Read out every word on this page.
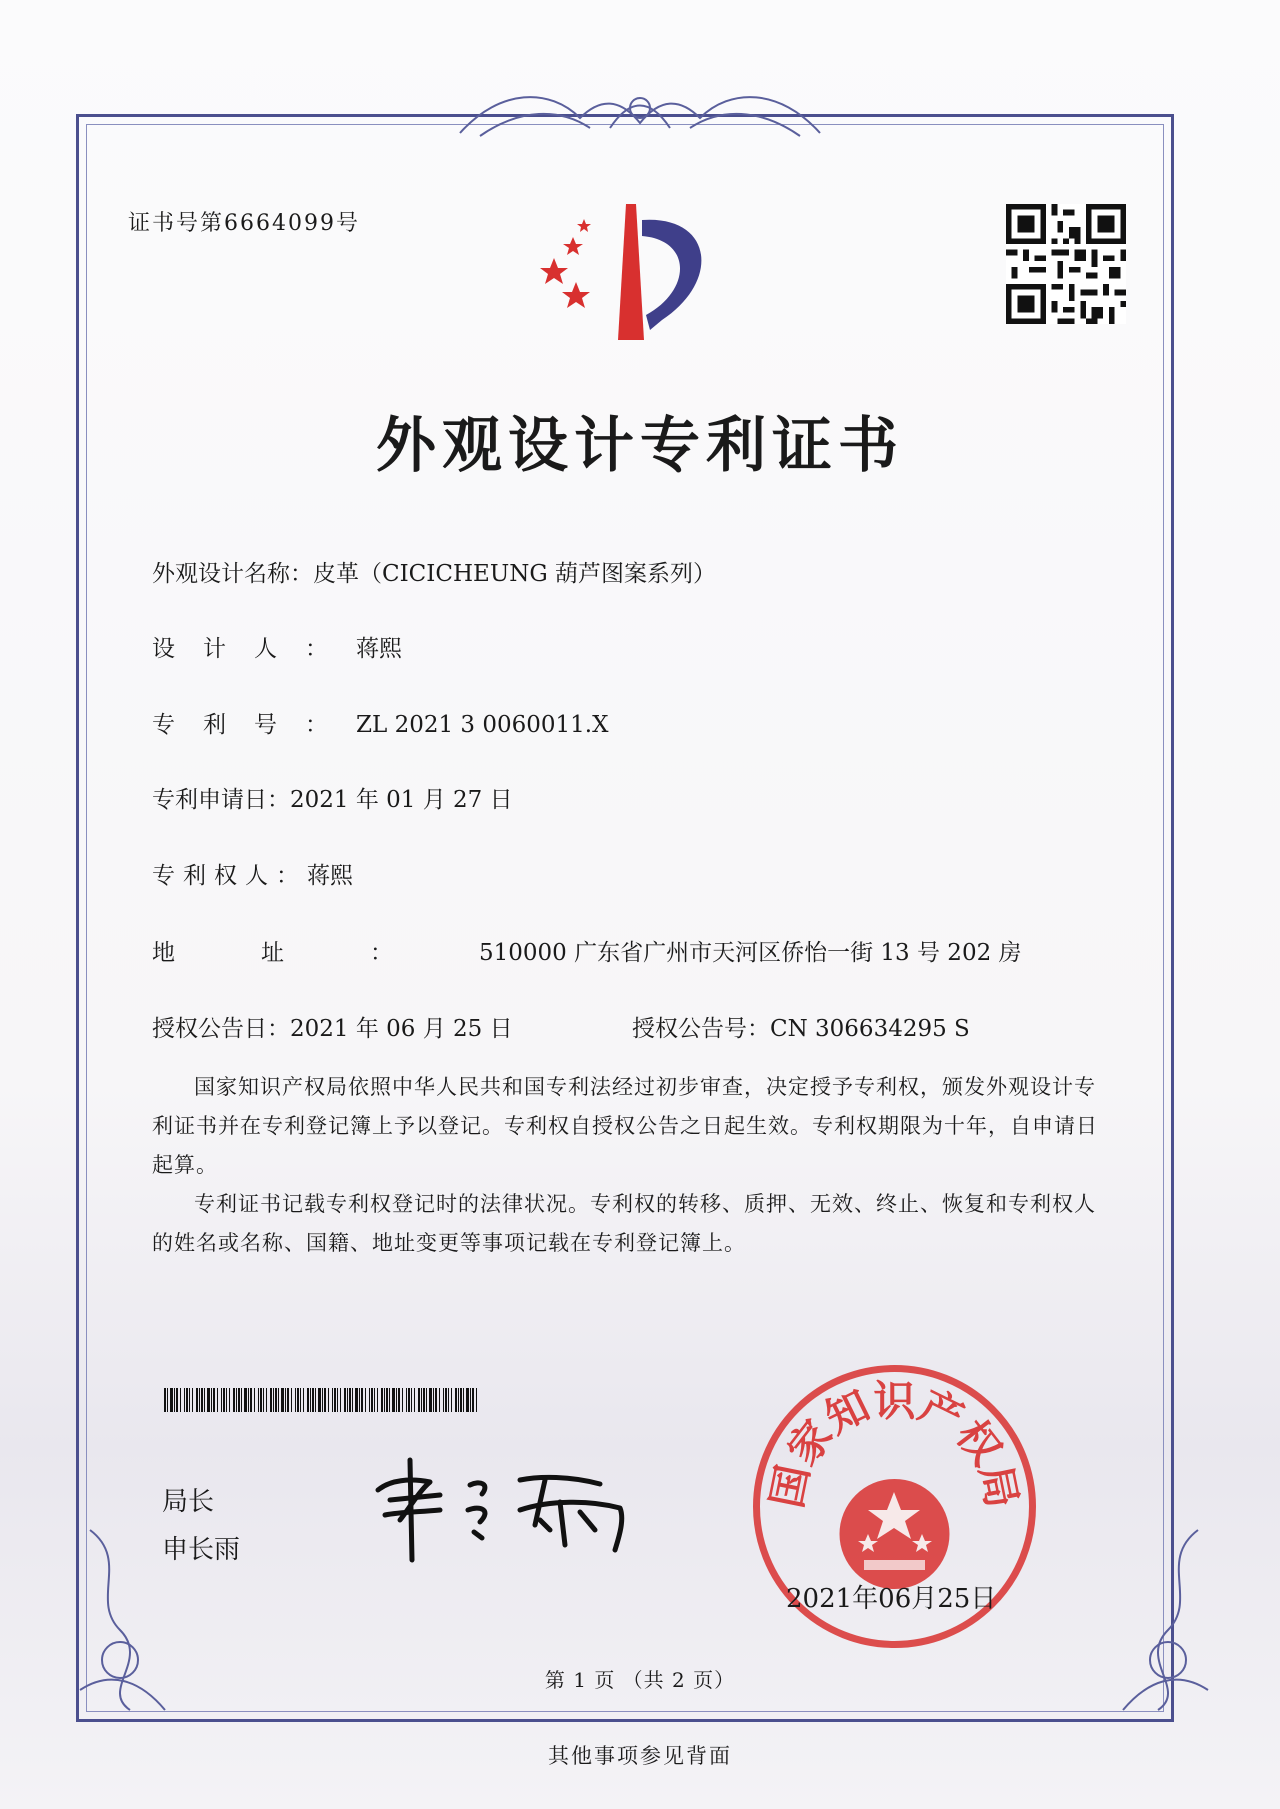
证书号第6664099号
外观设计专利证书
外观设计名称：皮革（CICICHEUNG 葫芦图案系列）
设计人：蒋熙
专利号：ZL 2021 3 0060011.X
专利申请日：2021 年 01 月 27 日
专利权人：蒋熙
地址：510000 广东省广州市天河区侨怡一街 13 号 202 房
授权公告日：2021 年 06 月 25 日	授权公告号：CN 306634295 S

国家知识产权局依照中华人民共和国专利法经过初步审查，决定授予专利权，颁发外观设计专利证书并在专利登记簿上予以登记。专利权自授权公告之日起生效。专利权期限为十年，自申请日起算。

专利证书记载专利权登记时的法律状况。专利权的转移、质押、无效、终止、恢复和专利权人的姓名或名称、国籍、地址变更等事项记载在专利登记簿上。

局长
申长雨
国家知识产权局
2021年06月25日
第 1 页 （共 2 页）
其他事项参见背面
